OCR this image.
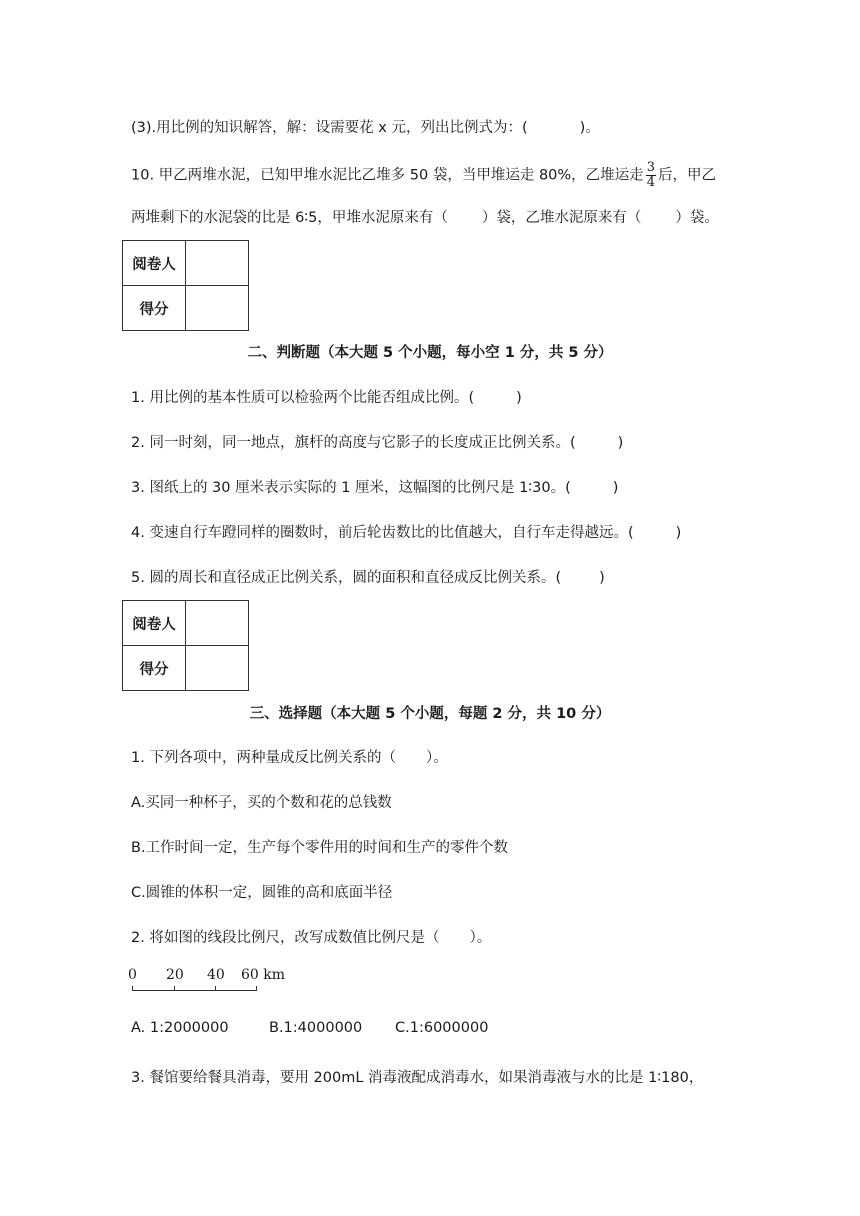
(3).用比例的知识解答，解：设需要花 x 元，列出比例式为：(	)。
10. 甲乙两堆水泥，已知甲堆水泥比乙堆多 50 袋，当甲堆运走 80%，乙堆运走 $\frac{3}{4}$ 后，甲乙
两堆剩下的水泥袋的比是 6∶5，甲堆水泥原来有（ ）袋，乙堆水泥原来有（ ）袋。
阅卷人	
得分	
二、判断题（本大题 5 个小题，每小空 1 分，共 5 分）
1. 用比例的基本性质可以检验两个比能否组成比例。(	)
2. 同一时刻，同一地点，旗杆的高度与它影子的长度成正比例关系。(	)
3. 图纸上的 30 厘米表示实际的 1 厘米，这幅图的比例尺是 1∶30。(	)
4. 变速自行车蹬同样的圈数时，前后轮齿数比的比值越大，自行车走得越远。(	)
5. 圆的周长和直径成正比例关系，圆的面积和直径成反比例关系。(	)
阅卷人	
得分	
三、选择题（本大题 5 个小题，每题 2 分，共 10 分）
1. 下列各项中，两种量成反比例关系的（ ）。
A.买同一种杯子，买的个数和花的总钱数
B.工作时间一定，生产每个零件用的时间和生产的零件个数
C.圆锥的体积一定，圆锥的高和底面半径
2. 将如图的线段比例尺，改写成数值比例尺是（ ）。
0 20 40 60 km
A. 1:2000000	B.1:4000000 C.1:6000000
3. 餐馆要给餐具消毒，要用 200mL 消毒液配成消毒水，如果消毒液与水的比是 1∶180，
